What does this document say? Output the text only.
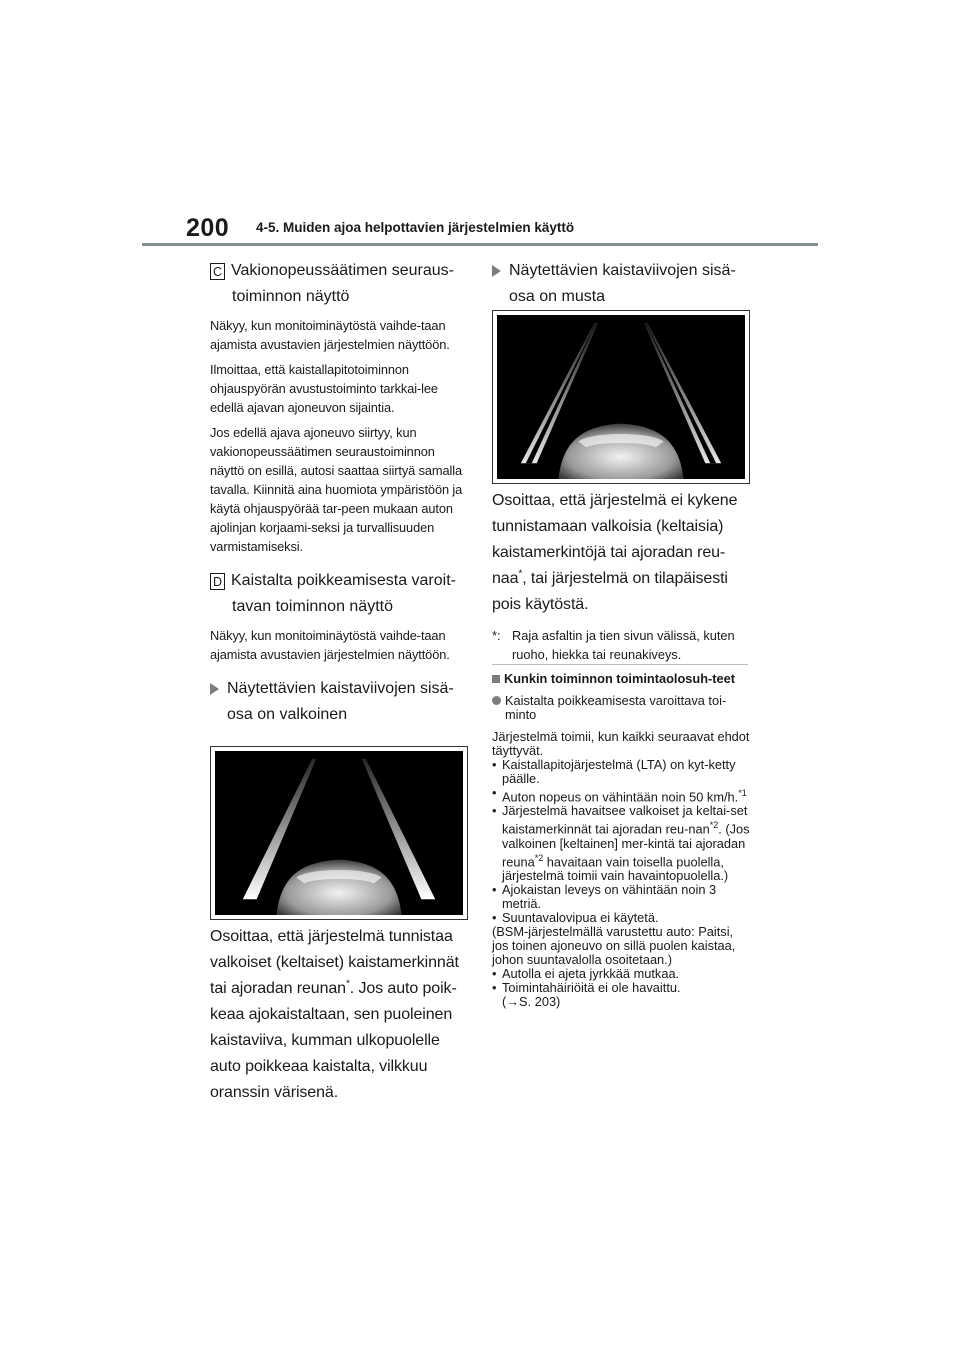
200 4-5. Muiden ajoa helpottavien järjestelmien käyttö
C Vakionopeussäätimen seuraus-
toiminnon näyttö

Näkyy, kun monitoiminäytöstä vaihde-taan ajamista avustavien järjestelmien näyttöön.

Ilmoittaa, että kaistallapitotoiminnon ohjauspyörän avustustoiminto tarkkai-lee edellä ajavan ajoneuvon sijaintia.

Jos edellä ajava ajoneuvo siirtyy, kun vakionopeussäätimen seuraustoiminnon näyttö on esillä, autosi saattaa siirtyä samalla tavalla. Kiinnitä aina huomiota ympäristöön ja käytä ohjauspyörää tar-peen mukaan auton ajolinjan korjaami-seksi ja turvallisuuden varmistamiseksi.

D Kaistalta poikkeamisesta varoit-
tavan toiminnon näyttö

Näkyy, kun monitoiminäytöstä vaihde-taan ajamista avustavien järjestelmien näyttöön.

Näytettävien kaistaviivojen sisä-
osa on valkoinen

Osoittaa, että järjestelmä tunnistaa valkoiset (keltaiset) kaistamerkinnät tai ajoradan reunan*. Jos auto poik-keaa ajokaistaltaan, sen puoleinen kaistaviiva, kumman ulkopuolelle auto poikkeaa kaistalta, vilkkuu oranssin värisenä.

Näytettävien kaistaviivojen sisä-
osa on musta

Osoittaa, että järjestelmä ei kykene tunnistamaan valkoisia (keltaisia) kaistamerkintöjä tai ajoradan reu-naa*, tai järjestelmä on tilapäisesti pois käytöstä.

*: Raja asfaltin ja tien sivun välissä, kuten ruoho, hiekka tai reunakiveys.
Kunkin toiminnon toimintaolosuh-teet
Kaistalta poikkeamisesta varoittava toi-minto
Järjestelmä toimii, kun kaikki seuraavat ehdot täyttyvät.
• Kaistallapitojärjestelmä (LTA) on kyt-ketty päälle.
• Auton nopeus on vähintään noin 50 km/h.$^{*1}$
• Järjestelmä havaitsee valkoiset ja keltai-set kaistamerkinnät tai ajoradan reu-nan$^{*2}$. (Jos valkoinen [keltainen] mer-kintä tai ajoradan reuna$^{*2}$ havaitaan vain toisella puolella, järjestelmä toimii vain havaintopuolella.)
• Ajokaistan leveys on vähintään noin 3 metriä.
• Suuntavalovipua ei käytetä.
(BSM-järjestelmällä varustettu auto: Paitsi, jos toinen ajoneuvo on sillä puolen kaistaa, johon suuntavalolla osoitetaan.)
• Autolla ei ajeta jyrkkää mutkaa.
• Toimintahäiriöitä ei ole havaittu.
(→S. 203)
